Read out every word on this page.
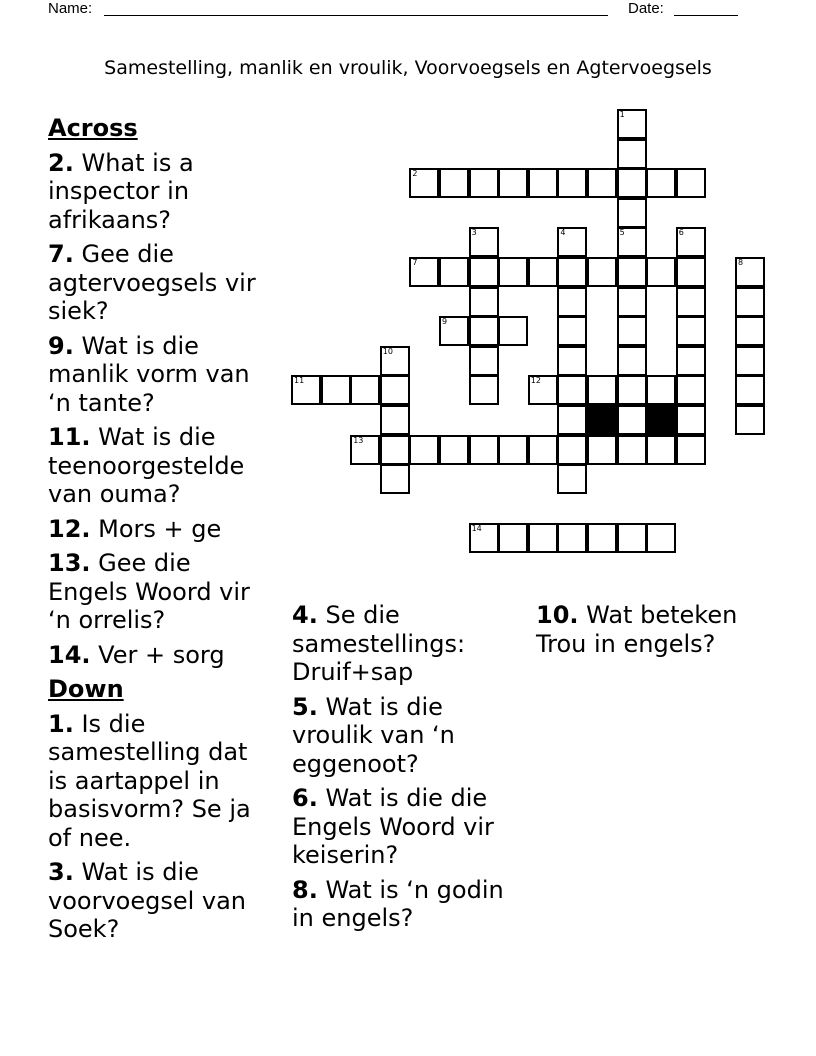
Name:	Date:
Samestelling, manlik en vroulik, Voorvoegsels en Agtervoegsels
Across
2. What is a inspector in afrikaans?
7. Gee die agtervoegsels vir siek?
9. Wat is die manlik vorm van ‘n tante?
11. Wat is die teenoorgestelde van ouma?
12. Mors + ge
13. Gee die Engels Woord vir ‘n orrelis?
14. Ver + sorg
Down
1. Is die samestelling dat is aartappel in basisvorm? Se ja of nee.
3. Wat is die voorvoegsel van Soek?
4. Se die samestellings: Druif+sap
5. Wat is die vroulik van ‘n eggenoot?
6. Wat is die die Engels Woord vir keiserin?
8. Wat is ‘n godin in engels?
10. Wat beteken Trou in engels?
2
7
9
11	12
13
14
1
5
3	4	6
8
10
